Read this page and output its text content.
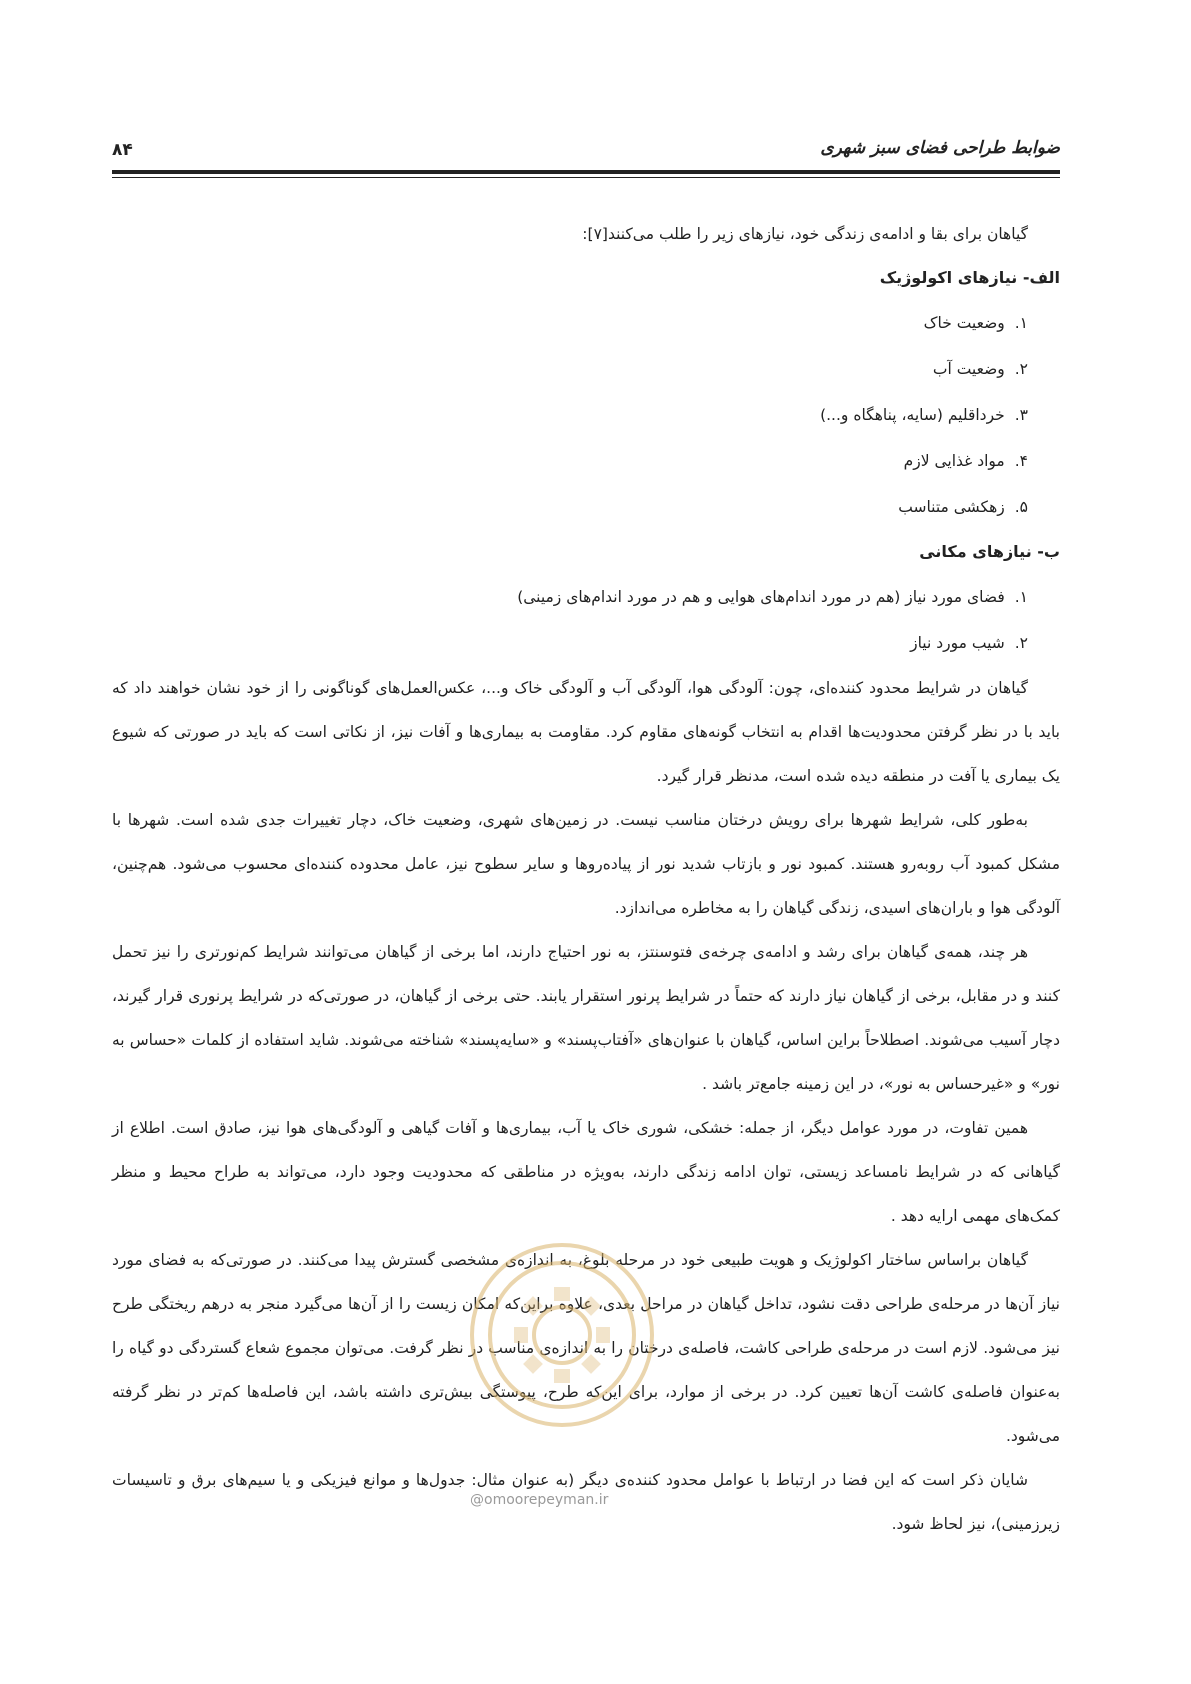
ضوابط طراحی فضای سبز شهری
۸۴

گیاهان برای بقا و ادامه‌ی زندگی خود، نیازهای زیر را طلب می‌کنند[۷]:

الف- نیازهای اکولوژیک
۱.وضعیت خاک
۲.وضعیت آب
۳.خرداقلیم (سایه، پناهگاه و...)
۴.مواد غذایی لازم
۵.زهکشی متناسب
ب- نیازهای مکانی
۱.فضای مورد نیاز (هم در مورد اندام‌های هوایی و هم در مورد اندام‌های زمینی)
۲.شیب مورد نیاز

گیاهان در شرایط محدود کننده‌ای، چون: آلودگی هوا، آلودگی آب و آلودگی خاک و...، عکس‌العمل‌های گوناگونی را از خود نشان خواهند داد که باید با در نظر گرفتن محدودیت‌ها اقدام به انتخاب گونه‌های مقاوم کرد. مقاومت به بیماری‌ها و آفات نیز، از نکاتی است که باید در صورتی که شیوع یک بیماری یا آفت در منطقه دیده شده است، مدنظر قرار گیرد.

به‌طور کلی، شرایط شهرها برای رویش درختان مناسب نیست. در زمین‌های شهری، وضعیت خاک، دچار تغییرات جدی شده است. شهرها با مشکل کمبود آب روبه‌رو هستند. کمبود نور و بازتاب شدید نور از پیاده‌روها و سایر سطوح نیز، عامل محدوده کننده‌ای محسوب می‌شود. هم‌چنین، آلودگی هوا و باران‌های اسیدی، زندگی گیاهان را به مخاطره می‌اندازد.

هر چند، همه‌ی گیاهان برای رشد و ادامه‌ی چرخه‌ی فتوسنتز، به نور احتیاج دارند، اما برخی از گیاهان می‌توانند شرایط کم‌نورتری را نیز تحمل کنند و در مقابل، برخی از گیاهان نیاز دارند که حتماً در شرایط پرنور استقرار یابند. حتی برخی از گیاهان، در صورتی‌که در شرایط پرنوری قرار گیرند، دچار آسیب می‌شوند. اصطلاحاً براین اساس، گیاهان با عنوان‌های «آفتاب‌پسند» و «سایه‌پسند» شناخته می‌شوند. شاید استفاده از کلمات «حساس به نور» و «غیرحساس به نور»، در این زمینه جامع‌تر باشد .

همین تفاوت، در مورد عوامل دیگر، از جمله: خشکی، شوری خاک یا آب، بیماری‌ها و آفات گیاهی و آلودگی‌های هوا نیز، صادق است. اطلاع از گیاهانی که در شرایط نامساعد زیستی، توان ادامه زندگی دارند، به‌ویژه در مناطقی که محدودیت وجود دارد، می‌تواند به طراح محیط و منظر کمک‌های مهمی ارایه دهد .

گیاهان براساس ساختار اکولوژیک و هویت طبیعی خود در مرحله بلوغ، به اندازه‌ی مشخصی گسترش پیدا می‌کنند. در صورتی‌که به فضای مورد نیاز آن‌ها در مرحله‌ی طراحی دقت نشود، تداخل گیاهان در مراحل بعدی، علاوه براین‌که امکان زیست را از آن‌ها می‌گیرد منجر به درهم ریختگی طرح نیز می‌شود. لازم است در مرحله‌ی طراحی کاشت، فاصله‌ی درختان را به اندازه‌ی مناسب در نظر گرفت. می‌توان مجموع شعاع گستردگی دو گیاه را به‌عنوان فاصله‌ی کاشت آن‌ها تعیین کرد. در برخی از موارد، برای این‌که طرح، پیوستگی بیش‌تری داشته باشد، این فاصله‌ها کم‌تر در نظر گرفته می‌شود.

شایان ذکر است که این فضا در ارتباط با عوامل محدود کننده‌ی دیگر (به عنوان مثال: جدول‌ها و موانع فیزیکی و یا سیم‌های برق و تاسیسات زیرزمینی)، نیز لحاظ شود.

@omoorepeyman.ir
